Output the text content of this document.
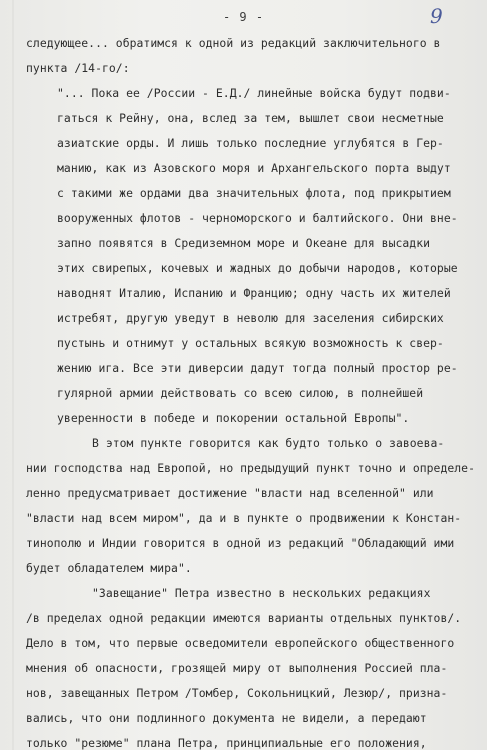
- 9 -	9
следующее... обратимся к одной из редакций заключительного в
пункта /14-го/:
"... Пока ее /России - Е.Д./ линейные войска будут подви-
гаться к Рейну, она, вслед за тем, вышлет свои несметные
азиатские орды. И лишь только последние углубятся в Гер-
манию, как из Азовского моря и Архангельского порта выдут
с такими же ордами два значительных флота, под прикрытием
вооруженных флотов - черноморского и балтийского. Они вне-
запно появятся в Средиземном море и Океане для высадки
этих свирепых, кочевых и жадных до добычи народов, которые
наводнят Италию, Испанию и Францию; одну часть их жителей
истребят, другую уведут в неволю для заселения сибирских
пустынь и отнимут у остальных всякую возможность к свер-
жению ига. Все эти диверсии дадут тогда полный простор ре-
гулярной армии действовать со всею силою, в полнейшей
уверенности в победе и покорении остальной Европы".
В этом пункте говорится как будто только о завоева-
нии господства над Европой, но предыдущий пункт точно и определе-
ленно предусматривает достижение "власти над вселенной" или
"власти над всем миром", да и в пункте о продвижении к Констан-
тинополю и Индии говорится в одной из редакций "Обладающий ими
будет обладателем мира".
"Завещание" Петра известно в нескольких редакциях
/в пределах одной редакции имеются варианты отдельных пунктов/.
Дело в том, что первые осведомители европейского общественного
мнения об опасности, грозящей миру от выполнения Россией пла-
нов, завещанных Петром /Томбер, Сокольницкий, Лезюр/, призна-
вались, что они подлинного документа не видели, а передают
только "резюме" плана Петра, принципиальные его положения,
